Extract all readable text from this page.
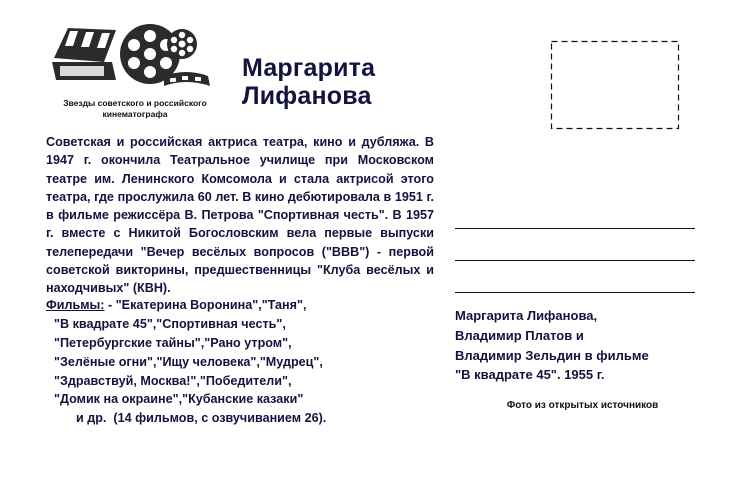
Звезды советского и российского
кинематографа
Маргарита
Лифанова

Советская и российская актриса театра, кино и дубляжа. В 1947 г. окончила Театральное училище при Московском театре им. Ленинского Комсомола и стала актрисой этого театра, где прослужила 60 лет. В кино дебютировала в 1951 г. в фильме режиссёра В. Петрова "Спортивная честь". В 1957 г. вместе с Никитой Богословским вела первые выпуски телепередачи "Вечер весёлых вопросов ("ВВВ") - первой советской викторины, предшественницы "Клуба весёлых и находчивых" (КВН).

Фильмы: - "Екатерина Воронина","Таня",
"В квадрате 45","Спортивная честь",
"Петербургские тайны","Рано утром",
"Зелёные огни","Ищу человека","Мудрец",
"Здравствуй, Москва!","Победители",
"Домик на окраине","Кубанские казаки"
и др.  (14 фильмов, с озвучиванием 26).
Маргарита Лифанова,
Владимир Платов и
Владимир Зельдин в фильме
"В квадрате 45". 1955 г.
Фото из открытых источников
